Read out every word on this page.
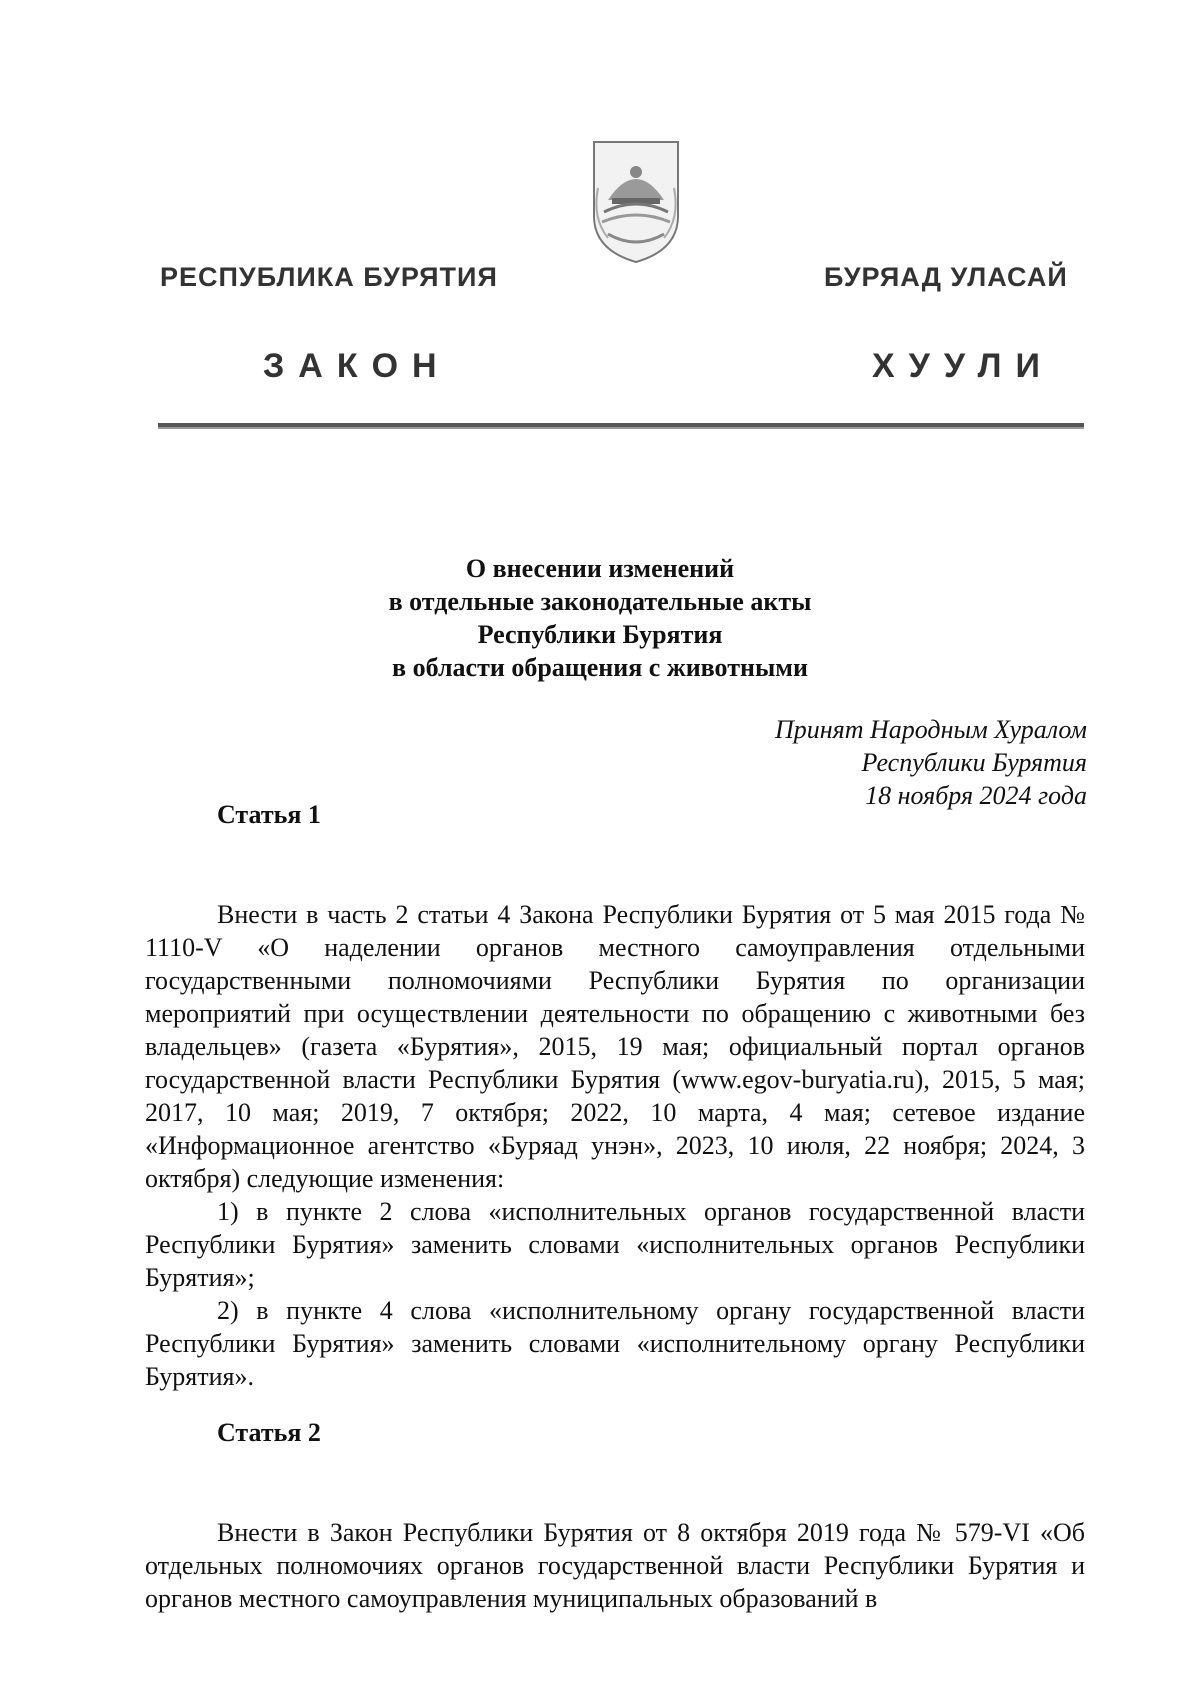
РЕСПУБЛИКА БУРЯТИЯ	БУРЯАД УЛАСАЙ
ЗАКОН	ХУУЛИ
О внесении изменений
в отдельные законодательные акты
Республики Бурятия
в области обращения с животными
Принят Народным Хуралом
Республики Бурятия
18 ноября 2024 года
Статья 1

Внести в часть 2 статьи 4 Закона Республики Бурятия от 5 мая 2015 года № 1110-V «О наделении органов местного самоуправления отдельными государственными полномочиями Республики Бурятия по организации мероприятий при осуществлении деятельности по обращению с животными без владельцев» (газета «Бурятия», 2015, 19 мая; официальный портал органов государственной власти Республики Бурятия (www.egov-buryatia.ru), 2015, 5 мая; 2017, 10 мая; 2019, 7 октября; 2022, 10 марта, 4 мая; сетевое издание «Информационное агентство «Буряад унэн», 2023, 10 июля, 22 ноября; 2024, 3 октября) следующие изменения:

1) в пункте 2 слова «исполнительных органов государственной власти Республики Бурятия» заменить словами «исполнительных органов Республики Бурятия»;

2) в пункте 4 слова «исполнительному органу государственной власти Республики Бурятия» заменить словами «исполнительному органу Республики Бурятия».

Статья 2

Внести в Закон Республики Бурятия от 8 октября 2019 года № 579-VI «Об отдельных полномочиях органов государственной власти Республики Бурятия и органов местного самоуправления муниципальных образований в
